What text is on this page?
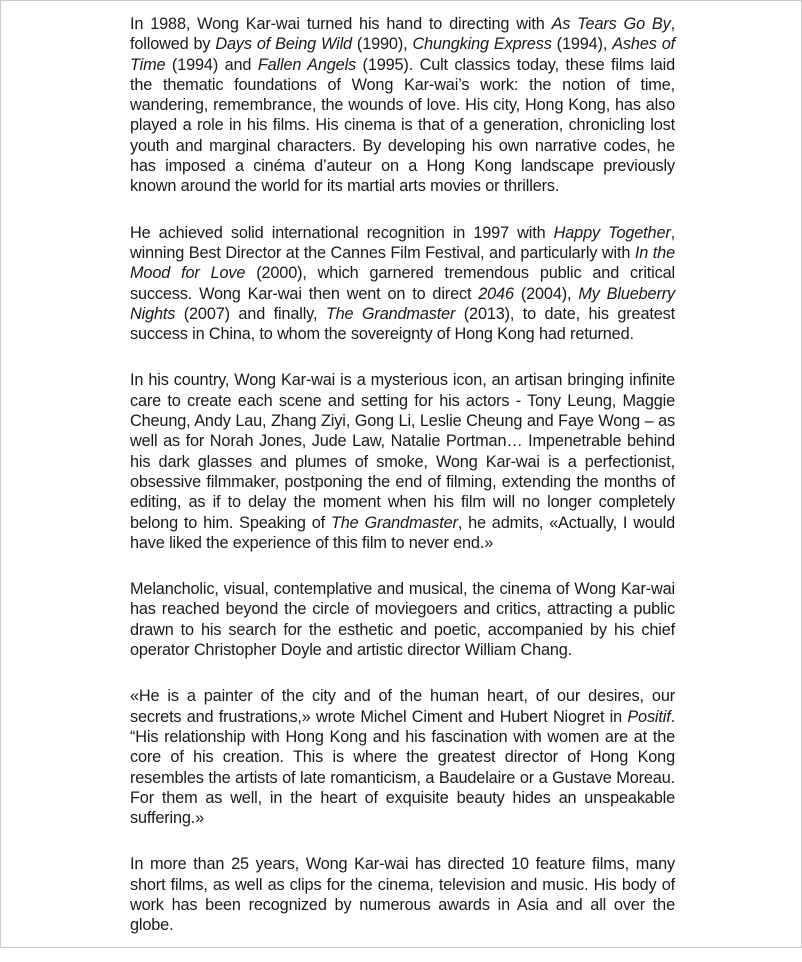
In 1988, Wong Kar-wai turned his hand to directing with As Tears Go By, followed by Days of Being Wild (1990), Chungking Express (1994), Ashes of Time (1994) and Fallen Angels (1995). Cult classics today, these films laid the thematic foundations of Wong Kar-wai’s work: the notion of time, wandering, remembrance, the wounds of love. His city, Hong Kong, has also played a role in his films. His cinema is that of a generation, chronicling lost youth and marginal characters. By developing his own narrative codes, he has imposed a cinéma d’auteur on a Hong Kong landscape previously known around the world for its martial arts movies or thrillers.

He achieved solid international recognition in 1997 with Happy Together, winning Best Director at the Cannes Film Festival, and particularly with In the Mood for Love (2000), which garnered tremendous public and critical success. Wong Kar-wai then went on to direct 2046 (2004), My Blueberry Nights (2007) and finally, The Grandmaster (2013), to date, his greatest success in China, to whom the sovereignty of Hong Kong had returned.

In his country, Wong Kar-wai is a mysterious icon, an artisan bringing infinite care to create each scene and setting for his actors - Tony Leung, Maggie Cheung, Andy Lau, Zhang Ziyi, Gong Li, Leslie Cheung and Faye Wong – as well as for Norah Jones, Jude Law, Natalie Portman… Impenetrable behind his dark glasses and plumes of smoke, Wong Kar-wai is a perfectionist, obsessive filmmaker, postponing the end of filming, extending the months of editing, as if to delay the moment when his film will no longer completely belong to him. Speaking of The Grandmaster, he admits, «Actually, I would have liked the experience of this film to never end.»

Melancholic, visual, contemplative and musical, the cinema of Wong Kar-wai has reached beyond the circle of moviegoers and critics, attracting a public drawn to his search for the esthetic and poetic, accompanied by his chief operator Christopher Doyle and artistic director William Chang.

«He is a painter of the city and of the human heart, of our desires, our secrets and frustrations,» wrote Michel Ciment and Hubert Niogret in Positif. “His relationship with Hong Kong and his fascination with women are at the core of his creation. This is where the greatest director of Hong Kong resembles the artists of late romanticism, a Baudelaire or a Gustave Moreau. For them as well, in the heart of exquisite beauty hides an unspeakable suffering.»

In more than 25 years, Wong Kar-wai has directed 10 feature films, many short films, as well as clips for the cinema, television and music. His body of work has been recognized by numerous awards in Asia and all over the globe.
